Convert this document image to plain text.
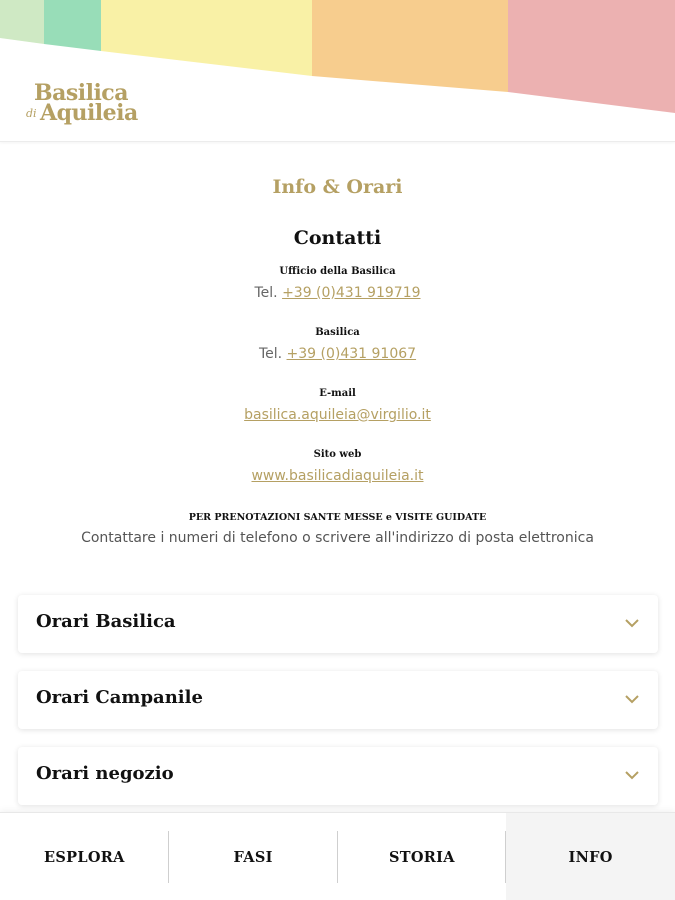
Basilica
di Aquileia
Info & Orari
Contatti
Ufficio della Basilica
Tel. +39 (0)431 919719
Basilica
Tel. +39 (0)431 91067
E-mail
basilica.aquileia@virgilio.it
Sito web
www.basilicadiaquileia.it
PER PRENOTAZIONI SANTE MESSE e VISITE GUIDATE
Contattare i numeri di telefono o scrivere all'indirizzo di posta elettronica
Orari Basilica
Orari Campanile
Orari negozio
ESPLORA	FASI	STORIA	INFO
